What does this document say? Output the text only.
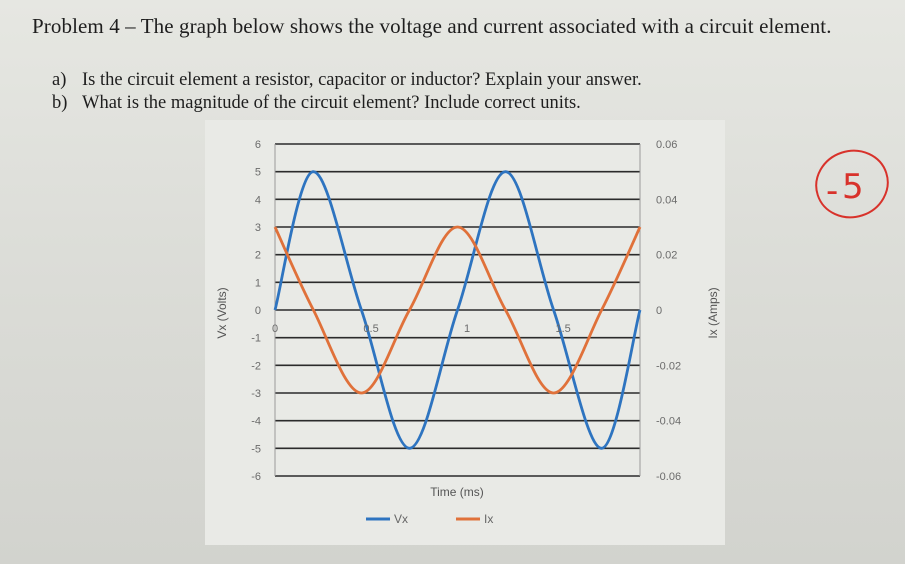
Problem 4 – The graph below shows the voltage and current associated with a circuit element.
a) Is the circuit element a resistor, capacitor or inductor? Explain your answer.
b) What is the magnitude of the circuit element? Include correct units.
6
5
4
3
2
1
0
-1
-2
-3
-4
-5
-6
0.06
0.04
0.02
0
-0.02
-0.04
-0.06
0	0.5	1	1.5
Vx (Volts)	Ix (Amps)
Time (ms)
Vx	Ix
- 5
